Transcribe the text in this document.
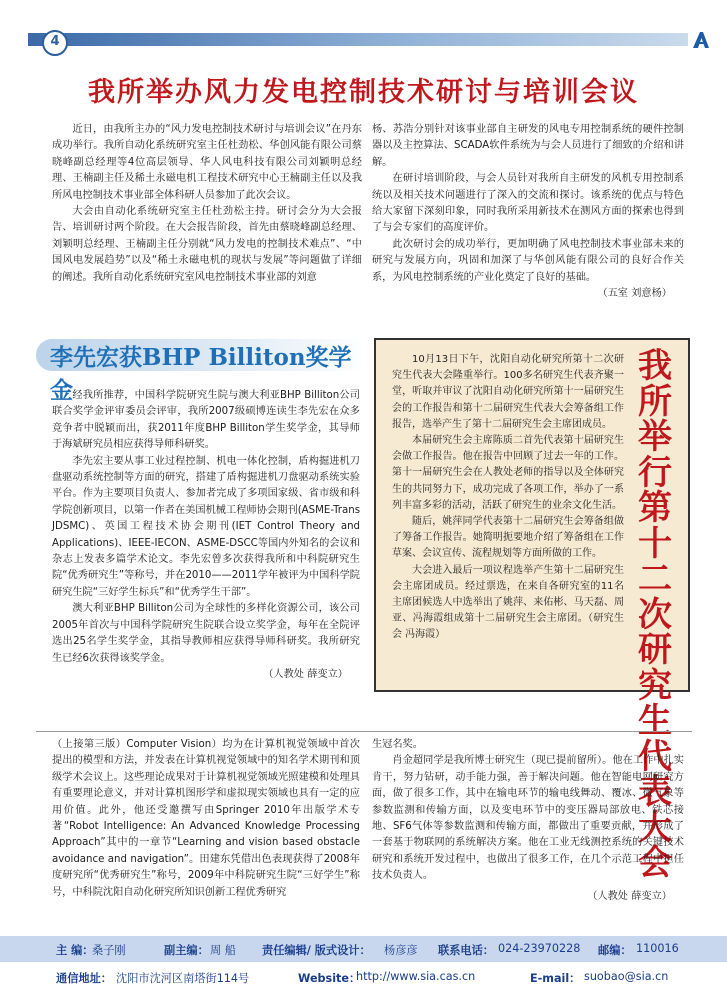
4
我所举办风力发电控制技术研讨与培训会议

近日，由我所主办的“风力发电控制技术研讨与培训会议”在丹东成功举行。我所自动化系统研究室主任杜劲松、华创风能有限公司蔡晓峰副总经理等4位高层领导、华人风电科技有限公司刘颖明总经理、王楠副主任及稀土永磁电机工程技术研究中心王楠副主任以及我所风电控制技术事业部全体科研人员参加了此次会议。

大会由自动化系统研究室主任杜劲松主持。研讨会分为大会报告、培训研讨两个阶段。在大会报告阶段，首先由蔡晓峰副总经理、刘颖明总经理、王楠副主任分别就“风力发电的控制技术难点”、“中国风电发展趋势”以及“稀土永磁电机的现状与发展”等问题做了详细的阐述。我所自动化系统研究室风电控制技术事业部的刘意

杨、苏浩分别针对该事业部自主研发的风电专用控制系统的硬件控制器以及主控算法、SCADA软件系统为与会人员进行了细致的介绍和讲解。

在研讨培训阶段，与会人员针对我所自主研发的风机专用控制系统以及相关技术问题进行了深入的交流和探讨。该系统的优点与特色给大家留下深刻印象，同时我所采用新技术在测风方面的探索也得到了与会专家们的高度评价。

此次研讨会的成功举行，更加明确了风电控制技术事业部未来的研究与发展方向，巩固和加深了与华创风能有限公司的良好合作关系，为风电控制系统的产业化奠定了良好的基础。

（五室 刘意杨）

李先宏获BHP Billiton奖学金 经我所推荐，中国科学院研究生院与澳大利亚BHP Billiton公司联合奖学金评审委员会评审，我所2007级硕博连读生李先宏在众多竞争者中脱颖而出，获2011年度BHP Billiton学生奖学金，其导师于海斌研究员相应获得导师科研奖。

李先宏主要从事工业过程控制、机电一体化控制，盾构掘进机刀盘驱动系统控制等方面的研究，搭建了盾构掘进机刀盘驱动系统实验平台。作为主要项目负责人、参加者完成了多项国家级、省市级和科学院创新项目，以第一作者在美国机械工程师协会期刊(ASME-Trans JDSMC)、英国工程技术协会期刊(IET Control Theory and Applications)、IEEE-IECON、ASME-DSCC等国内外知名的会议和杂志上发表多篇学术论文。李先宏曾多次获得我所和中科院研究生院“优秀研究生”等称号，并在2010——2011学年被评为中国科学院研究生院“三好学生标兵”和“优秀学生干部”。

澳大利亚BHP Billiton公司为全球性的多样化资源公司，该公司2005年首次与中国科学院研究生院联合设立奖学金，每年在全院评选出25名学生奖学金，其指导教师相应获得导师科研奖。我所研究生已经6次获得该奖学金。

（人教处 薛变立）

10月13日下午，沈阳自动化研究所第十二次研究生代表大会隆重举行。100多名研究生代表齐聚一堂，听取并审议了沈阳自动化研究所第十一届研究生会的工作报告和第十二届研究生代表大会筹备组工作报告，选举产生了第十二届研究生会主席团成员。

本届研究生会主席陈质二首先代表第十届研究生会做工作报告。他在报告中回顾了过去一年的工作。第十一届研究生会在人教处老师的指导以及全体研究生的共同努力下，成功完成了各项工作，举办了一系列丰富多彩的活动，活跃了研究生的业余文化生活。

随后，姚萍同学代表第十二届研究生会筹备组做了筹备工作报告。她简明扼要地介绍了筹备组在工作草案、会议宣传、流程规划等方面所做的工作。

大会进入最后一项议程选举产生第十二届研究生会主席团成员。经过票选，在来自各研究室的11名主席团候选人中选举出了姚萍、来佑彬、马天磊、周亚、冯海霞组成第十二届研究生会主席团。（研究生会 冯海霞）

我
所
举
行
第
十
二
次
研
究
生
代
表
大
会

（上接第三版）Computer Vision）均为在计算机视觉领域中首次提出的模型和方法，并发表在计算机视觉领域中的知名学术期刊和顶级学术会议上。这些理论成果对于计算机视觉领域光照建模和处理具有重要理论意义，并对计算机图形学和虚拟现实领域也具有一定的应用价值。此外，他还受邀撰写由Springer 2010年出版学术专著“Robot Intelligence: An Advanced Knowledge Processing Approach”其中的一章节“Learning and vision based obstacle avoidance and navigation”。田建东凭借出色表现获得了2008年度研究所“优秀研究生”称号，2009年中科院研究生院“三好学生”称号，中科院沈阳自动化研究所知识创新工程优秀研究

生冠名奖。

肖金超同学是我所博士研究生（现已提前留所）。他在工作中扎实肯干，努力钻研，动手能力强，善于解决问题。他在智能电网研究方面，做了很多工作，其中在输电环节的输电线舞动、覆冰、微气象等参数监测和传输方面，以及变电环节中的变压器局部放电、铁芯接地、SF6气体等参数监测和传输方面，都做出了重要贡献，并形成了一套基于物联网的系统解决方案。他在工业无线测控系统的关键技术研究和系统开发过程中，也做出了很多工作，在几个示范工程中担任技术负责人。

（人教处 薛变立）

主 编：
桑子刚	副主编： 周 船 责任编辑/ 版式设计： 杨彦彦 联系电话： 024-23970228 邮编： 110016
通信地址： 沈阳市沈河区南塔街114号	Website：
http://www.sia.cas.cn	E-mail： suobao@sia.cn
